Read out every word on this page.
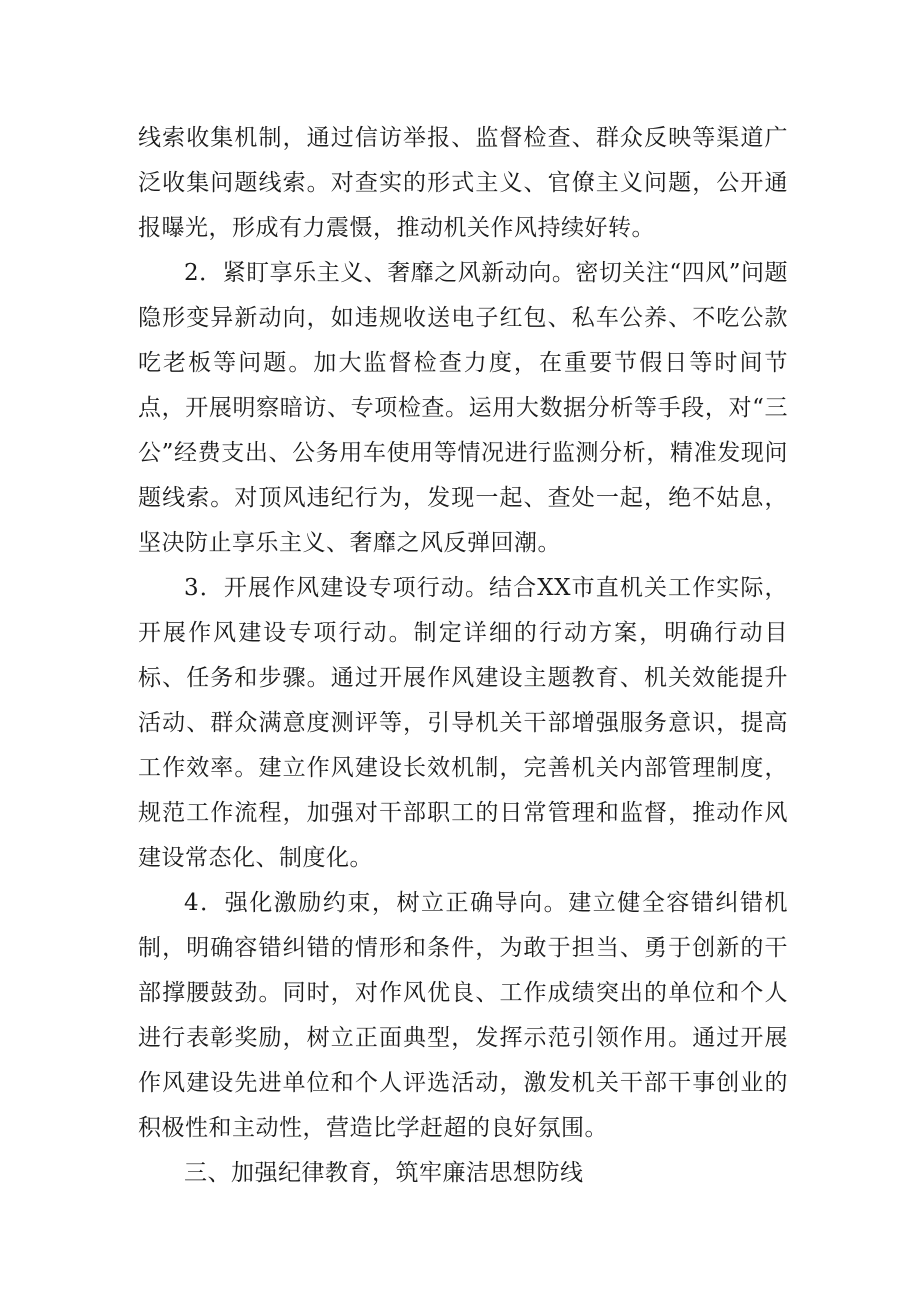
线索收集机制，通过信访举报、监督检查、群众反映等渠道广泛收集问题线索。对查实的形式主义、官僚主义问题，公开通报曝光，形成有力震慑，推动机关作风持续好转。

2．紧盯享乐主义、奢靡之风新动向。密切关注“四风”问题隐形变异新动向，如违规收送电子红包、私车公养、不吃公款吃老板等问题。加大监督检查力度，在重要节假日等时间节点，开展明察暗访、专项检查。运用大数据分析等手段，对“三公”经费支出、公务用车使用等情况进行监测分析，精准发现问题线索。对顶风违纪行为，发现一起、查处一起，绝不姑息，坚决防止享乐主义、奢靡之风反弹回潮。

3．开展作风建设专项行动。结合XX市直机关工作实际，开展作风建设专项行动。制定详细的行动方案，明确行动目标、任务和步骤。通过开展作风建设主题教育、机关效能提升活动、群众满意度测评等，引导机关干部增强服务意识，提高工作效率。建立作风建设长效机制，完善机关内部管理制度，规范工作流程，加强对干部职工的日常管理和监督，推动作风建设常态化、制度化。

4．强化激励约束，树立正确导向。建立健全容错纠错机制，明确容错纠错的情形和条件，为敢于担当、勇于创新的干部撑腰鼓劲。同时，对作风优良、工作成绩突出的单位和个人进行表彰奖励，树立正面典型，发挥示范引领作用。通过开展作风建设先进单位和个人评选活动，激发机关干部干事创业的积极性和主动性，营造比学赶超的良好氛围。

三、加强纪律教育，筑牢廉洁思想防线
